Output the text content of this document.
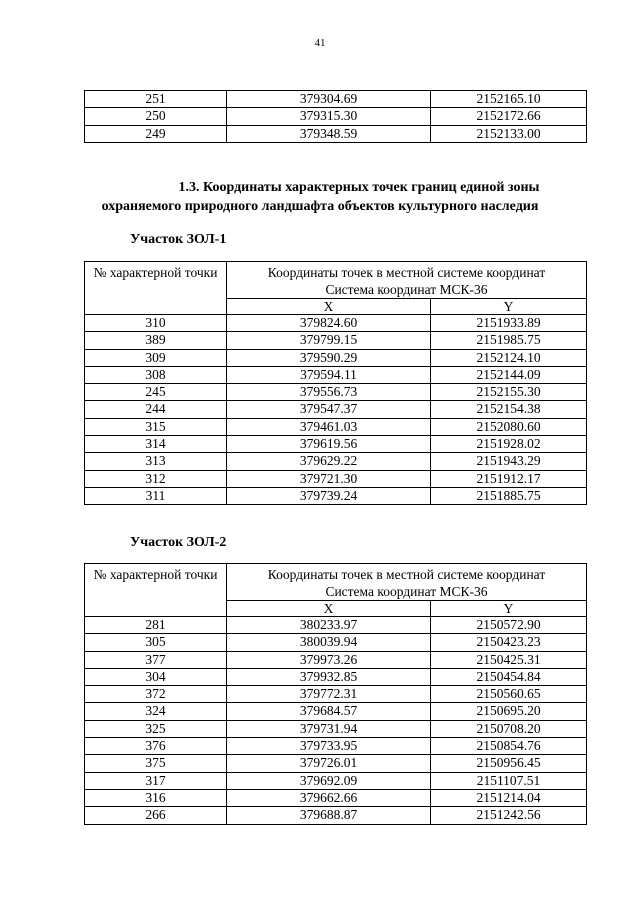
41
251	379304.69	2152165.10
250	379315.30	2152172.66
249	379348.59	2152133.00
1.3. Координаты характерных точек границ единой зоны
охраняемого природного ландшафта объектов культурного наследия
Участок ЗОЛ-1
№ характерной точки	Координаты точек в местной системе координат
Система координат МСК-36	
	X	Y
310	379824.60	2151933.89
389	379799.15	2151985.75
309	379590.29	2152124.10
308	379594.11	2152144.09
245	379556.73	2152155.30
244	379547.37	2152154.38
315	379461.03	2152080.60
314	379619.56	2151928.02
313	379629.22	2151943.29
312	379721.30	2151912.17
311	379739.24	2151885.75
Участок ЗОЛ-2
№ характерной точки	Координаты точек в местной системе координат
Система координат МСК-36	
	X	Y
281	380233.97	2150572.90
305	380039.94	2150423.23
377	379973.26	2150425.31
304	379932.85	2150454.84
372	379772.31	2150560.65
324	379684.57	2150695.20
325	379731.94	2150708.20
376	379733.95	2150854.76
375	379726.01	2150956.45
317	379692.09	2151107.51
316	379662.66	2151214.04
266	379688.87	2151242.56
